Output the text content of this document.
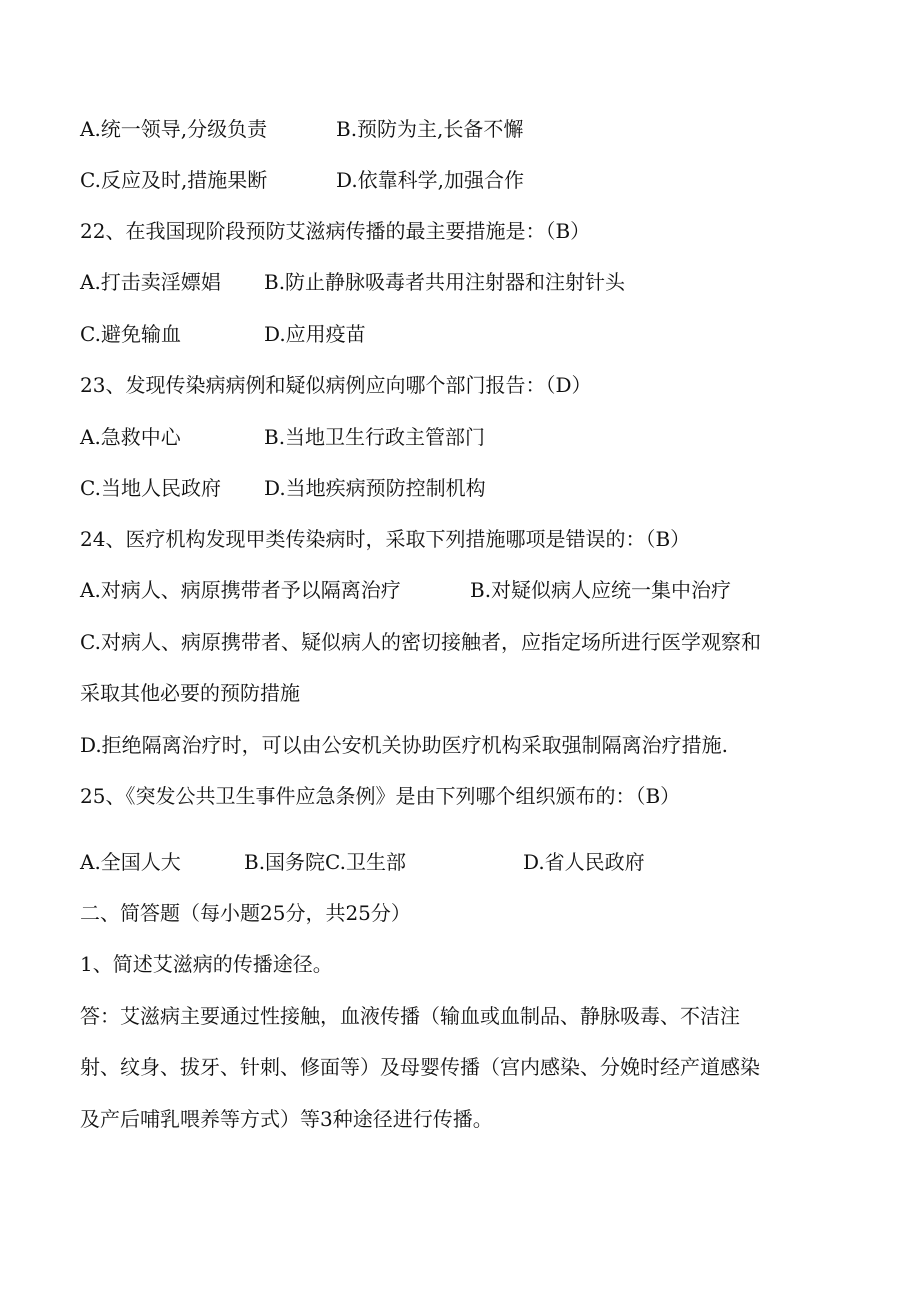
A.统一领导,分级负责

	B.预防为主,长备不懈

C.反应及时,措施果断

	D.依靠科学,加强合作

22、在我国现阶段预防艾滋病传播的最主要措施是：（B）

A.打击卖淫嫖娼

B.防止静脉吸毒者共用注射器和注射针头

C.避免输血

	D.应用疫苗

23、发现传染病病例和疑似病例应向哪个部门报告：（D）

A.急救中心

	B.当地卫生行政主管部门

C.当地人民政府

D.当地疾病预防控制机构

24、医疗机构发现甲类传染病时，采取下列措施哪项是错误的：（B）

A.对病人、病原携带者予以隔离治疗

	B.对疑似病人应统一集中治疗

C.对病人、病原携带者、疑似病人的密切接触者，应指定场所进行医学观察和
采取其他必要的预防措施
D.拒绝隔离治疗时，可以由公安机关协助医疗机构采取强制隔离治疗措施.
25、《突发公共卫生事件应急条例》是由下列哪个组织颁布的：（B）

A.全国人大

	B.国务院C.卫生部

	D.省人民政府

二、简答题（每小题25分，共25分）
1、简述艾滋病的传播途径。
答：艾滋病主要通过性接触，血液传播（输血或血制品、静脉吸毒、不洁注
射、纹身、拔牙、针刺、修面等）及母婴传播（宫内感染、分娩时经产道感染
及产后哺乳喂养等方式）等3种途径进行传播。
